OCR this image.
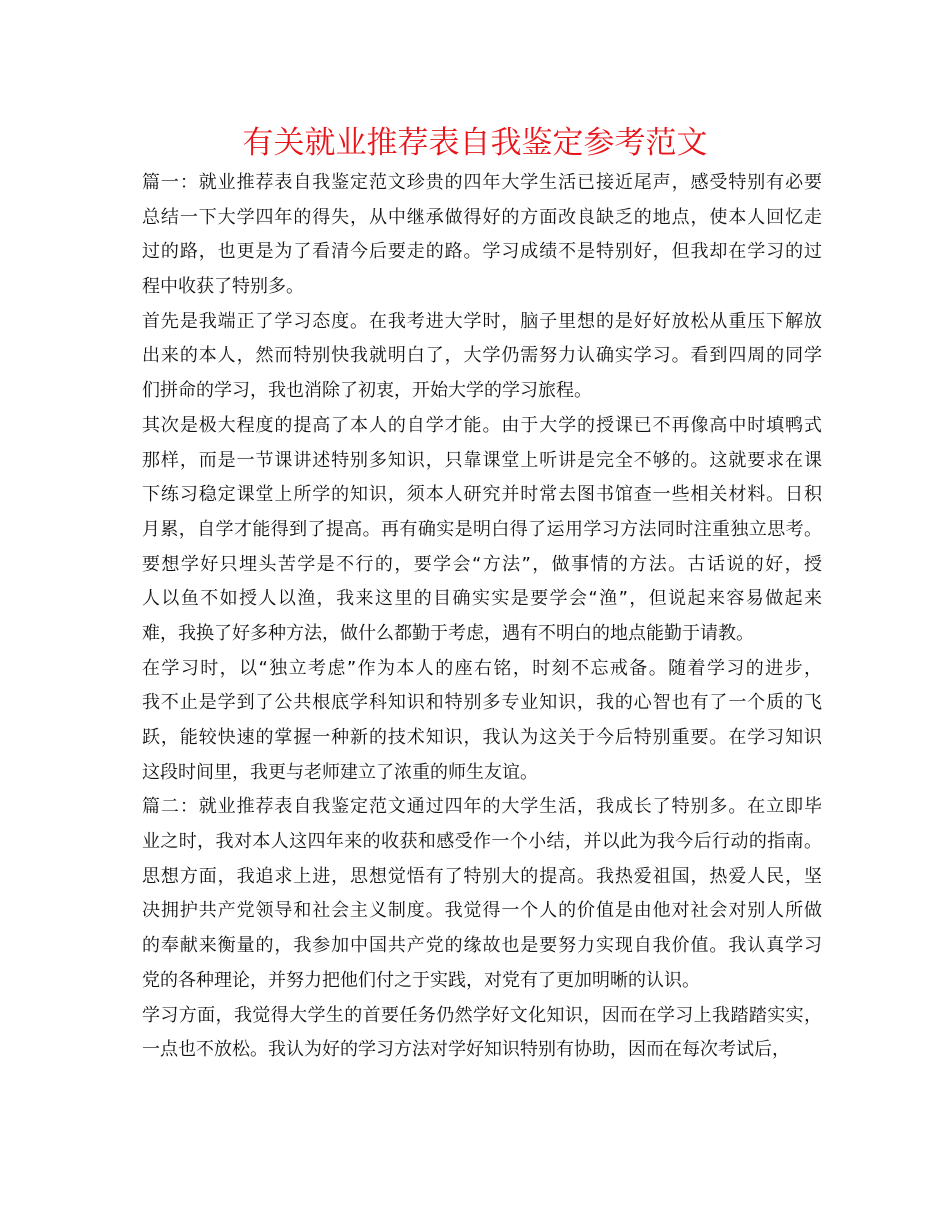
有关就业推荐表自我鉴定参考范文
篇一：就业推荐表自我鉴定范文珍贵的四年大学生活已接近尾声，感受特别有必要
总结一下大学四年的得失，从中继承做得好的方面改良缺乏的地点，使本人回忆走
过的路，也更是为了看清今后要走的路。学习成绩不是特别好，但我却在学习的过
程中收获了特别多。
首先是我端正了学习态度。在我考进大学时，脑子里想的是好好放松从重压下解放
出来的本人，然而特别快我就明白了，大学仍需努力认确实学习。看到四周的同学
们拼命的学习，我也消除了初衷，开始大学的学习旅程。
其次是极大程度的提高了本人的自学才能。由于大学的授课已不再像高中时填鸭式
那样，而是一节课讲述特别多知识，只靠课堂上听讲是完全不够的。这就要求在课
下练习稳定课堂上所学的知识，须本人研究并时常去图书馆查一些相关材料。日积
月累，自学才能得到了提高。再有确实是明白得了运用学习方法同时注重独立思考。
要想学好只埋头苦学是不行的，要学会“方法”，做事情的方法。古话说的好，授
人以鱼不如授人以渔，我来这里的目确实实是要学会“渔”，但说起来容易做起来
难，我换了好多种方法，做什么都勤于考虑，遇有不明白的地点能勤于请教。
在学习时，以“独立考虑”作为本人的座右铭，时刻不忘戒备。随着学习的进步，
我不止是学到了公共根底学科知识和特别多专业知识，我的心智也有了一个质的飞
跃，能较快速的掌握一种新的技术知识，我认为这关于今后特别重要。在学习知识
这段时间里，我更与老师建立了浓重的师生友谊。
篇二：就业推荐表自我鉴定范文通过四年的大学生活，我成长了特别多。在立即毕
业之时，我对本人这四年来的收获和感受作一个小结，并以此为我今后行动的指南。
思想方面，我追求上进，思想觉悟有了特别大的提高。我热爱祖国，热爱人民，坚
决拥护共产党领导和社会主义制度。我觉得一个人的价值是由他对社会对别人所做
的奉献来衡量的，我参加中国共产党的缘故也是要努力实现自我价值。我认真学习
党的各种理论，并努力把他们付之于实践，对党有了更加明晰的认识。
学习方面，我觉得大学生的首要任务仍然学好文化知识，因而在学习上我踏踏实实，
一点也不放松。我认为好的学习方法对学好知识特别有协助，因而在每次考试后，
